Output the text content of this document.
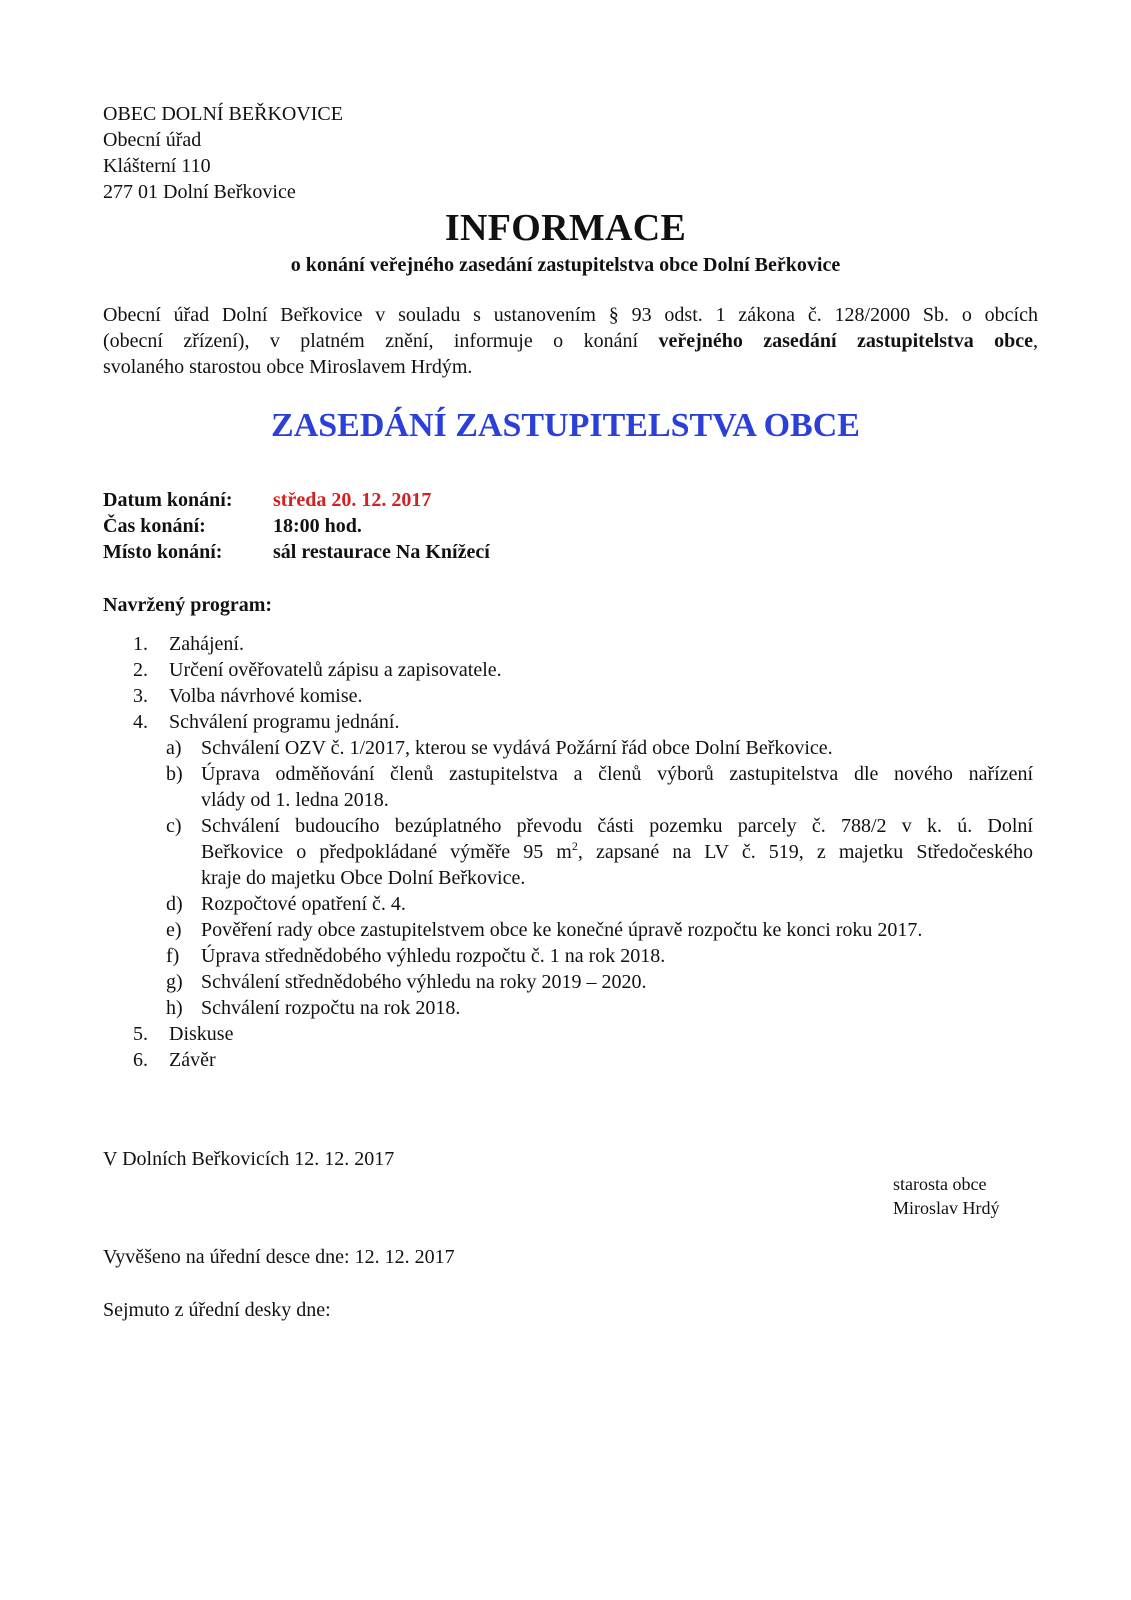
OBEC DOLNÍ BEŘKOVICE
Obecní úřad
Klášterní 110
277 01 Dolní Beřkovice
INFORMACE
o konání veřejného zasedání zastupitelstva obce Dolní Beřkovice
Obecní úřad Dolní Beřkovice v souladu s ustanovením § 93 odst. 1 zákona č. 128/2000 Sb. o obcích
(obecní zřízení), v platném znění, informuje o konání veřejného zasedání zastupitelstva obce,
svolaného starostou obce Miroslavem Hrdým.
ZASEDÁNÍ ZASTUPITELSTVA OBCE
Datum konání: středa 20. 12. 2017
Čas konání:	18:00 hod.
Místo konání:	sál restaurace Na Knížecí
Navržený program:
1. Zahájení.
2. Určení ověřovatelů zápisu a zapisovatele.
3. Volba návrhové komise.
4. Schválení programu jednání.
a) Schválení OZV č. 1/2017, kterou se vydává Požární řád obce Dolní Beřkovice.
b) Úprava odměňování členů zastupitelstva a členů výborů zastupitelstva dle nového nařízení
vlády od 1. ledna 2018.
c) Schválení budoucího bezúplatného převodu části pozemku parcely č. 788/2 v k. ú. Dolní
Beřkovice o předpokládané výměře 95 $m^2$, zapsané na LV č. 519, z majetku Středočeského
kraje do majetku Obce Dolní Beřkovice.
d) Rozpočtové opatření č. 4.
e) Pověření rady obce zastupitelstvem obce ke konečné úpravě rozpočtu ke konci roku 2017.
f) Úprava střednědobého výhledu rozpočtu č. 1 na rok 2018.
g) Schválení střednědobého výhledu na roky 2019 – 2020.
h) Schválení rozpočtu na rok 2018.
5. Diskuse
6. Závěr
V Dolních Beřkovicích 12. 12. 2017
starosta obce
Miroslav Hrdý
Vyvěšeno na úřední desce dne: 12. 12. 2017
Sejmuto z úřední desky dne:
